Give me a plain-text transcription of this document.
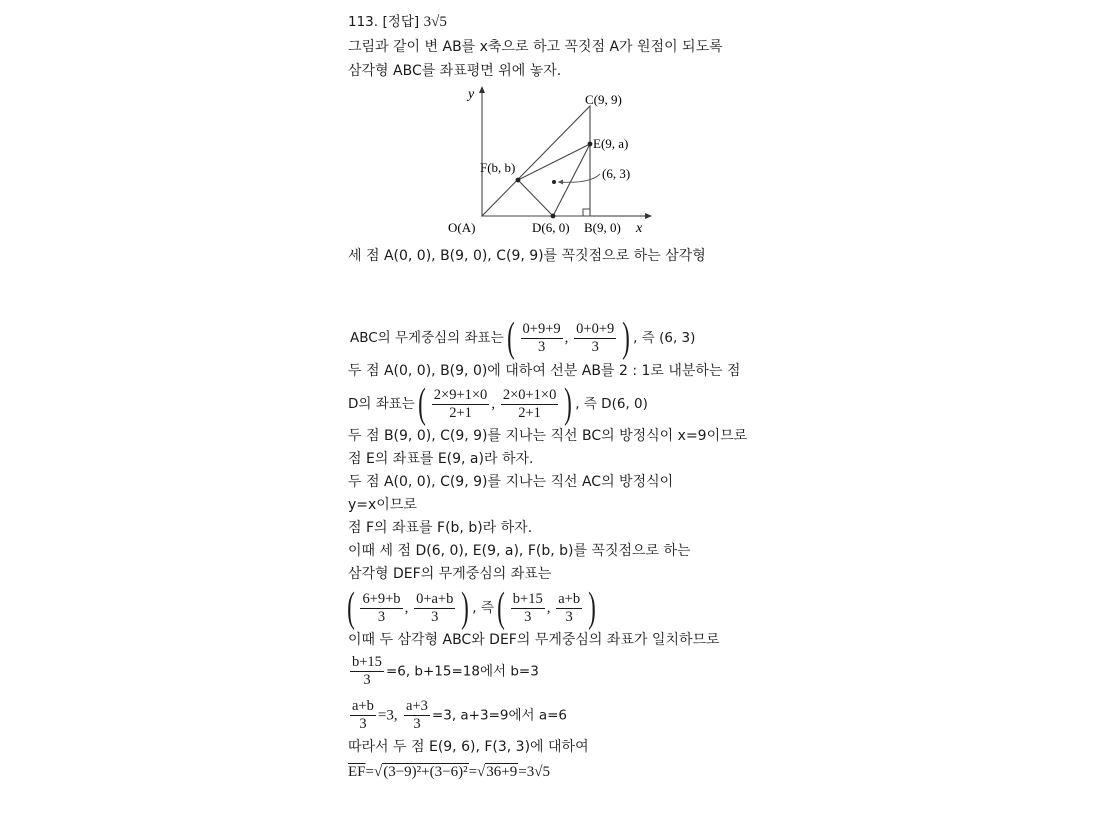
113. [정답] 3√5
그림과 같이 변 AB를 x축으로 하고 꼭짓점 A가 원점이 되도록
삼각형 ABC를 좌표평면 위에 놓자.
y
x
C(9, 9)
E(9, a)
F(b, b)	(6, 3)
O(A)	D(6, 0) B(9, 0)
세 점 A(0, 0), B(9, 0), C(9, 9)를 꼭짓점으로 하는 삼각형
ABC의 무게중심의 좌표는 ( $\frac{0+9+9}{3}$ , $\frac{0+0+9}{3}$ ) , 즉 (6, 3)
두 점 A(0, 0), B(9, 0)에 대하여 선분 AB를 2 : 1로 내분하는 점
D의 좌표는 ( $\frac{2\times 9+1\times 0}{2+1}$ , $\frac{2\times 0+1\times 0}{2+1}$ ) , 즉 D(6, 0)
두 점 B(9, 0), C(9, 9)를 지나는 직선 BC의 방정식이 x=9이므로
점 E의 좌표를 E(9, a)라 하자.
두 점 A(0, 0), C(9, 9)를 지나는 직선 AC의 방정식이
y=x이므로
점 F의 좌표를 F(b, b)라 하자.
이때 세 점 D(6, 0), E(9, a), F(b, b)를 꼭짓점으로 하는
삼각형 DEF의 무게중심의 좌표는
( $\frac{6+9+b}{3}$ , $\frac{0+a+b}{3}$ ) , 즉 ( $\frac{b+15}{3}$ , $\frac{a+b}{3}$ )
이때 두 삼각형 ABC와 DEF의 무게중심의 좌표가 일치하므로
$\frac{b+15}{3} =6$, b+15=18에서 b=3
$\frac{a+b}{3} =3$, $\frac{a+3}{3} =3$, a+3=9에서 a=6
따라서 두 점 E(9, 6), F(3, 3)에 대하여
$\overline{EF}=√(3-9)^2+(3-6)^2=√36+9=3√5$
